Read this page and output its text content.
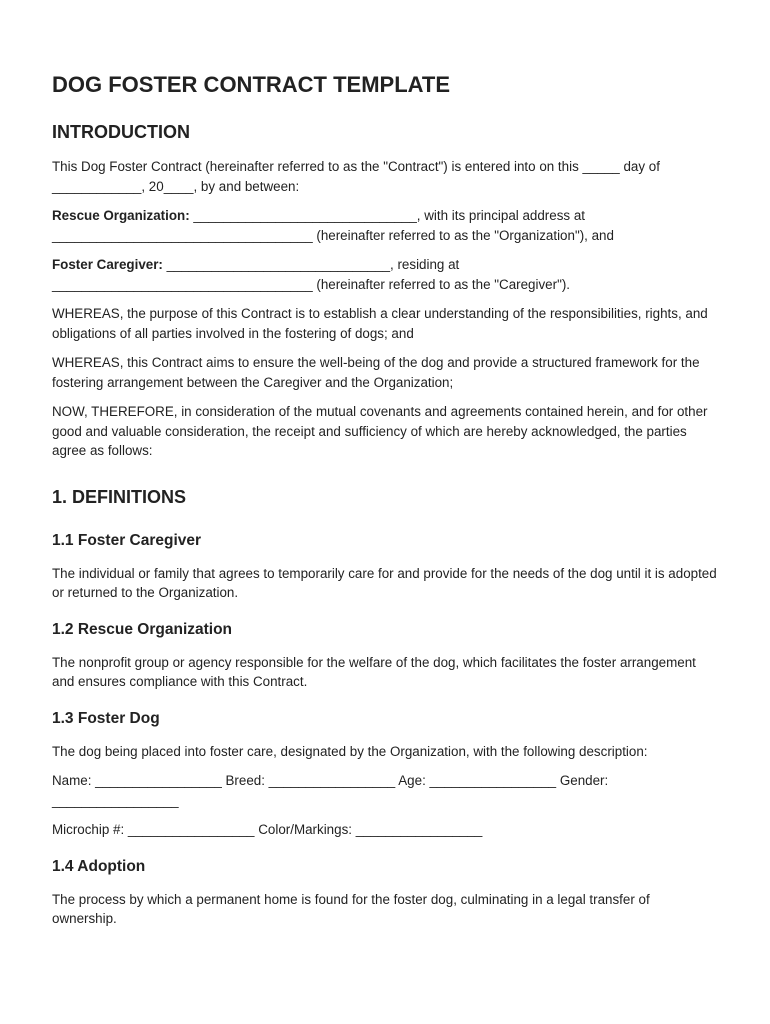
DOG FOSTER CONTRACT TEMPLATE
INTRODUCTION

This Dog Foster Contract (hereinafter referred to as the "Contract") is entered into on this _____ day of ____________, 20____, by and between:

Rescue Organization: ______________________________, with its principal address at ___________________________________ (hereinafter referred to as the "Organization"), and

Foster Caregiver: ______________________________, residing at ___________________________________ (hereinafter referred to as the "Caregiver").

WHEREAS, the purpose of this Contract is to establish a clear understanding of the responsibilities, rights, and obligations of all parties involved in the fostering of dogs; and

WHEREAS, this Contract aims to ensure the well-being of the dog and provide a structured framework for the fostering arrangement between the Caregiver and the Organization;

NOW, THEREFORE, in consideration of the mutual covenants and agreements contained herein, and for other good and valuable consideration, the receipt and sufficiency of which are hereby acknowledged, the parties agree as follows:

1. DEFINITIONS
1.1 Foster Caregiver

The individual or family that agrees to temporarily care for and provide for the needs of the dog until it is adopted or returned to the Organization.

1.2 Rescue Organization

The nonprofit group or agency responsible for the welfare of the dog, which facilitates the foster arrangement and ensures compliance with this Contract.

1.3 Foster Dog

The dog being placed into foster care, designated by the Organization, with the following description:

Name: _________________ Breed: _________________ Age: _________________ Gender: _________________

Microchip #: _________________ Color/Markings: _________________

1.4 Adoption

The process by which a permanent home is found for the foster dog, culminating in a legal transfer of ownership.
